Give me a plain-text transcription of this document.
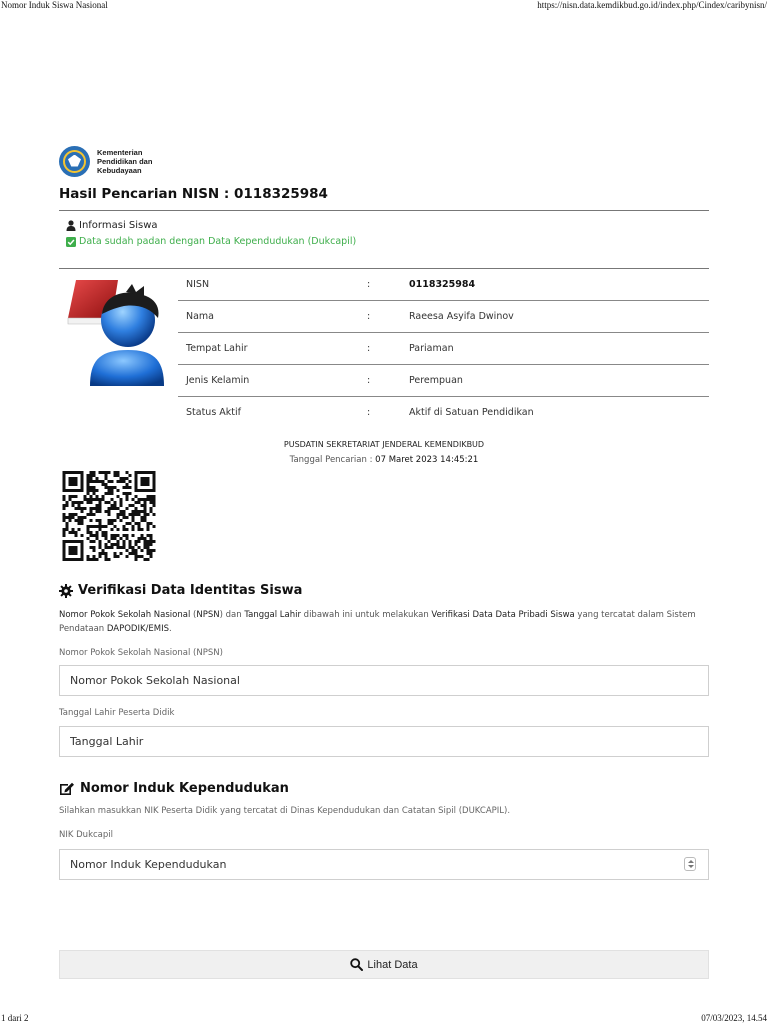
Nomor Induk Siswa Nasional	https://nisn.data.kemdikbud.go.id/index.php/Cindex/caribynisn/
Kementerian
Pendidikan dan
Kebudayaan
Hasil Pencarian NISN : 0118325984
Informasi Siswa
Data sudah padan dengan Data Kependudukan (Dukcapil)
NISN	:	0118325984
Nama	:	Raeesa Asyifa Dwinov
Tempat Lahir	:	Pariaman
Jenis Kelamin	:	Perempuan
Status Aktif	:	Aktif di Satuan Pendidikan
PUSDATIN SEKRETARIAT JENDERAL KEMENDIKBUD
Tanggal Pencarian : 07 Maret 2023 14:45:21
Verifikasi Data Identitas Siswa

Nomor Pokok Sekolah Nasional (NPSN) dan Tanggal Lahir dibawah ini untuk melakukan Verifikasi Data Data Pribadi Siswa yang tercatat dalam Sistem Pendataan DAPODIK/EMIS.

Nomor Pokok Sekolah Nasional (NPSN)
Nomor Pokok Sekolah Nasional
Tanggal Lahir Peserta Didik
Tanggal Lahir
Nomor Induk Kependudukan

Silahkan masukkan NIK Peserta Didik yang tercatat di Dinas Kependudukan dan Catatan Sipil (DUKCAPIL).

NIK Dukcapil
Nomor Induk Kependudukan
Lihat Data
1 dari 2	07/03/2023, 14.54
